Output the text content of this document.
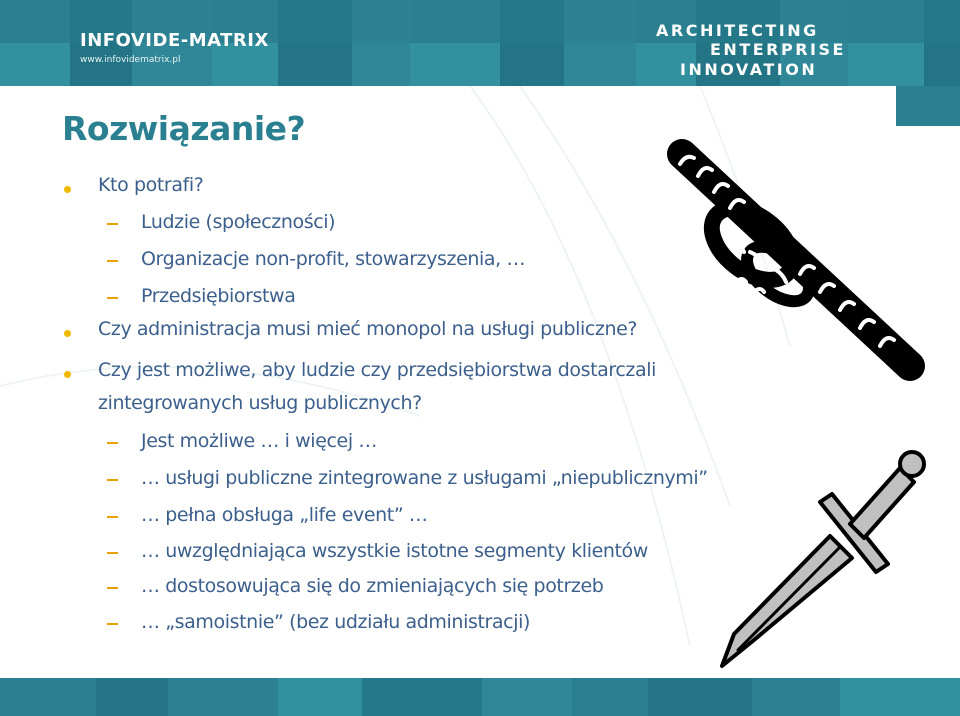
INFOVIDE-MATRIX
www.infovidematrix.pl
ARCHITECTING
ENTERPRISE
INNOVATION
Rozwiązanie?
Kto potrafi?
Ludzie (społeczności)
Organizacje non-profit, stowarzyszenia, …
Przedsiębiorstwa
Czy administracja musi mieć monopol na usługi publiczne?
Czy jest możliwe, aby ludzie czy przedsiębiorstwa dostarczali
zintegrowanych usług publicznych?
Jest możliwe … i więcej …
… usługi publiczne zintegrowane z usługami „niepublicznymi”
… pełna obsługa „life event” …
… uwzględniająca wszystkie istotne segmenty klientów
… dostosowująca się do zmieniających się potrzeb
… „samoistnie” (bez udziału administracji)
